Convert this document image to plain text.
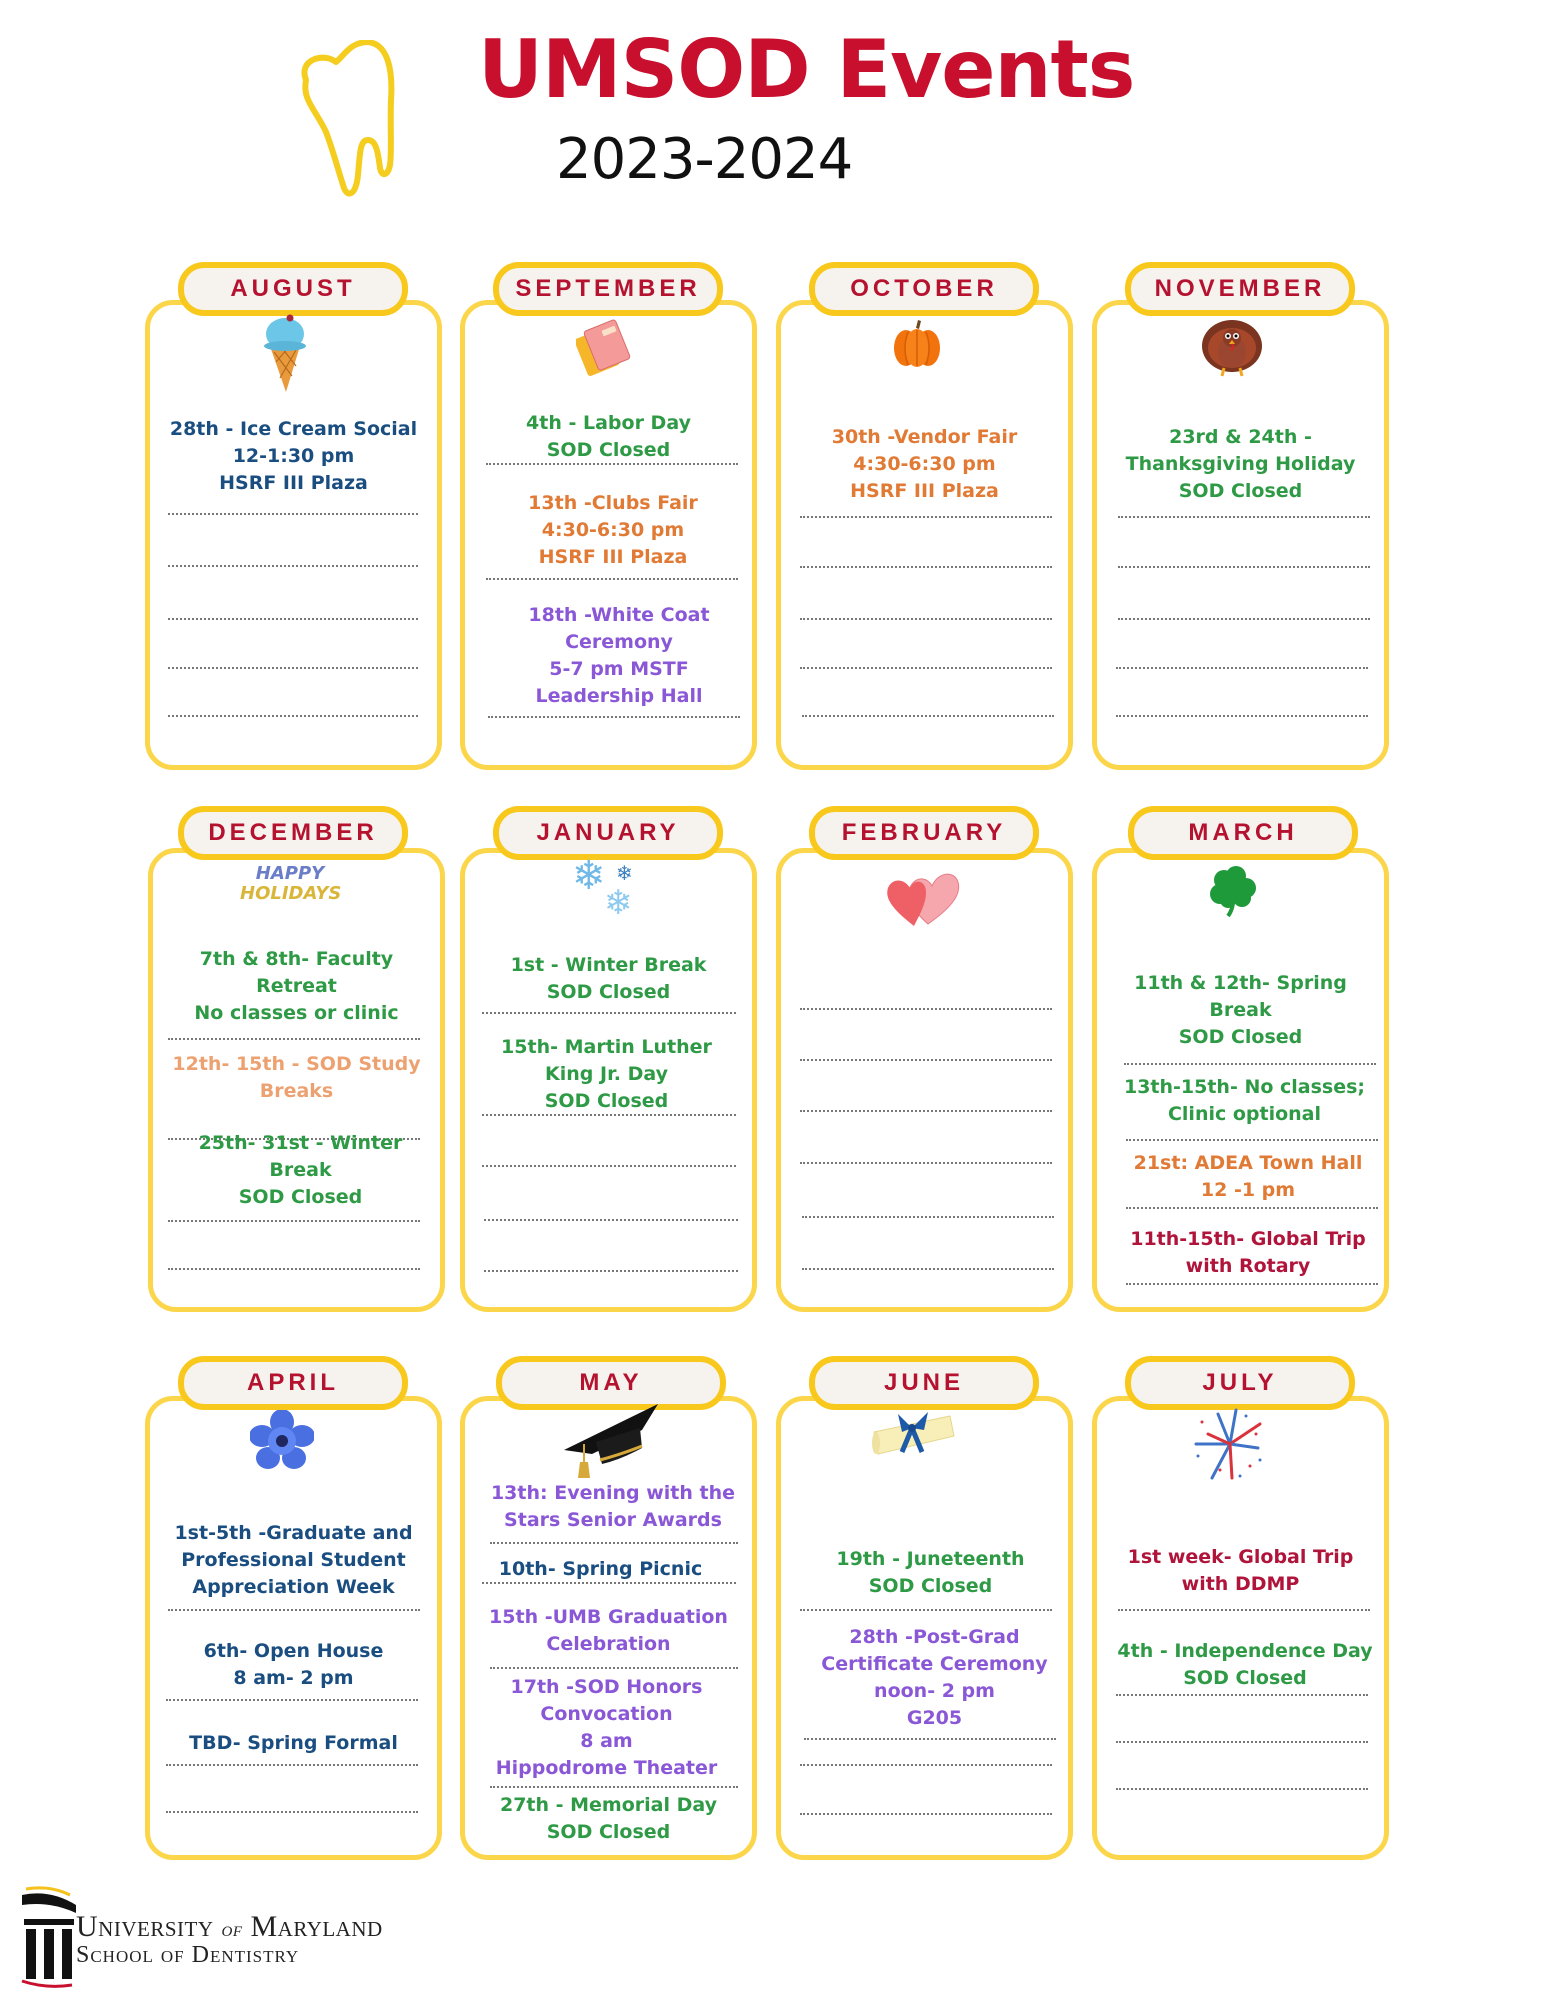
UMSOD Events
2023-2024
AUGUST
28th - Ice Cream Social
12-1:30 pm
HSRF III Plaza
SEPTEMBER
4th - Labor Day
SOD Closed
13th -Clubs Fair
4:30-6:30 pm
HSRF III Plaza
18th -White Coat
Ceremony
5-7 pm MSTF
Leadership Hall
OCTOBER
30th -Vendor Fair
4:30-6:30 pm
HSRF III Plaza
NOVEMBER
23rd & 24th -
Thanksgiving Holiday
SOD Closed
DECEMBER
HAPPY
HOLIDAYS
7th & 8th- Faculty
Retreat
No classes or clinic
12th- 15th - SOD Study
Breaks
25th- 31st - Winter
Break
SOD Closed
JANUARY
❄ ❄
❄
1st - Winter Break
SOD Closed
15th- Martin Luther
King Jr. Day
SOD Closed
FEBRUARY	MARCH
11th & 12th- Spring
Break
SOD Closed
13th-15th- No classes;
Clinic optional
21st: ADEA Town Hall
12 -1 pm
11th-15th- Global Trip
with Rotary
APRIL
1st-5th -Graduate and
Professional Student
Appreciation Week
6th- Open House
8 am- 2 pm
TBD- Spring Formal
MAY
13th: Evening with the
Stars Senior Awards
10th- Spring Picnic
15th -UMB Graduation
Celebration
17th -SOD Honors
Convocation
8 am
Hippodrome Theater
27th - Memorial Day
SOD Closed
JUNE
19th - Juneteenth
SOD Closed
28th -Post-Grad
Certificate Ceremony
noon- 2 pm
G205
JULY
1st week- Global Trip
with DDMP
4th - Independence Day
SOD Closed
University of Maryland
School of Dentistry
